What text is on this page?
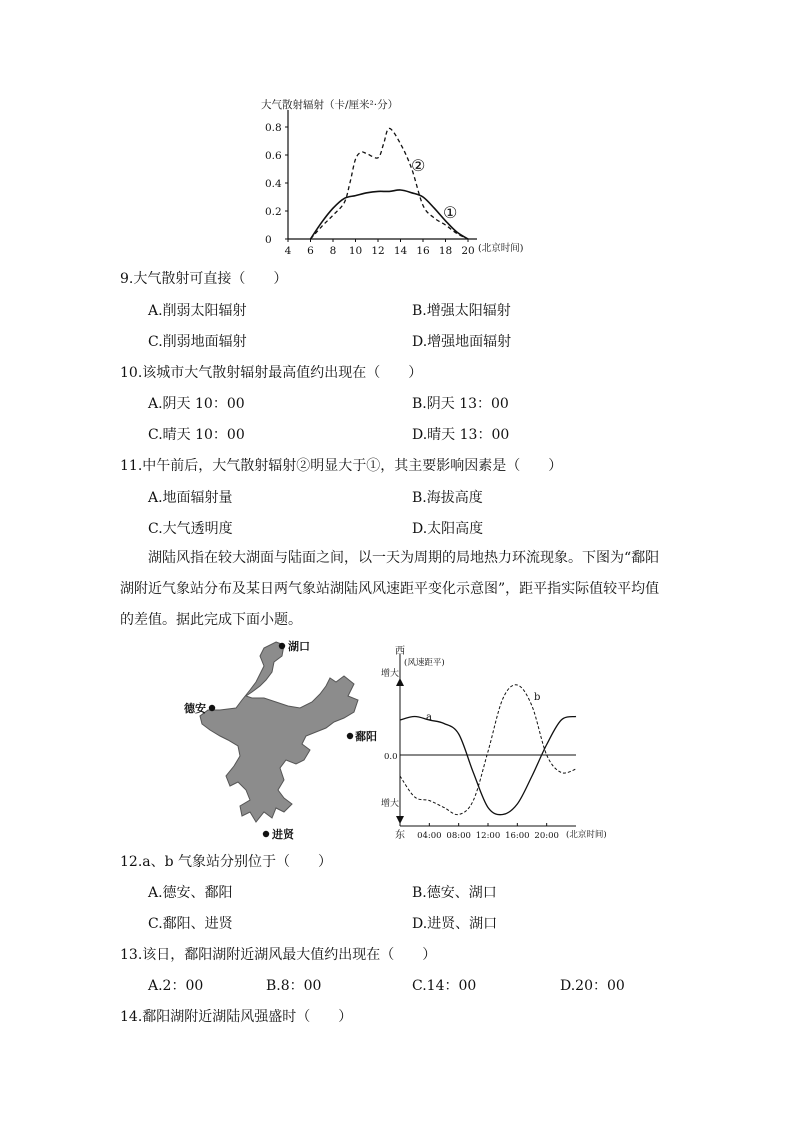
大气散射辐射（卡/厘米²·分）
0.8
0.6
0.4
0.2
0
4 6 8 10 12 14 16 18 20 (北京时间)
②
①
9.大气散射可直接（　　）
A.削弱太阳辐射	B.增强太阳辐射
C.削弱地面辐射	D.增强地面辐射
10.该城市大气散射辐射最高值约出现在（　　）
A.阴天 10：00	B.阴天 13：00
C.晴天 10：00	D.晴天 13：00
11.中午前后，大气散射辐射②明显大于①，其主要影响因素是（　　）
A.地面辐射量	B.海拔高度
C.大气透明度	D.太阳高度
湖陆风指在较大湖面与陆面之间，以一天为周期的局地热力环流现象。下图为“鄱阳湖附近气象站分布及某日两气象站湖陆风风速距平变化示意图”，距平指实际值较平均值的差值。据此完成下面小题。
湖口
德安
鄱阳
进贤
西
(风速距平)
增大
0.0
增大
东 04:00 08:00 12:00 16:00 20:00 (北京时间)
a
b
12.a、b 气象站分别位于（　　）
A.德安、鄱阳	B.德安、湖口
C.鄱阳、进贤	D.进贤、湖口
13.该日，鄱阳湖附近湖风最大值约出现在（　　）
A.2：00	B.8：00	C.14：00	D.20：00
14.鄱阳湖附近湖陆风强盛时（　　）
